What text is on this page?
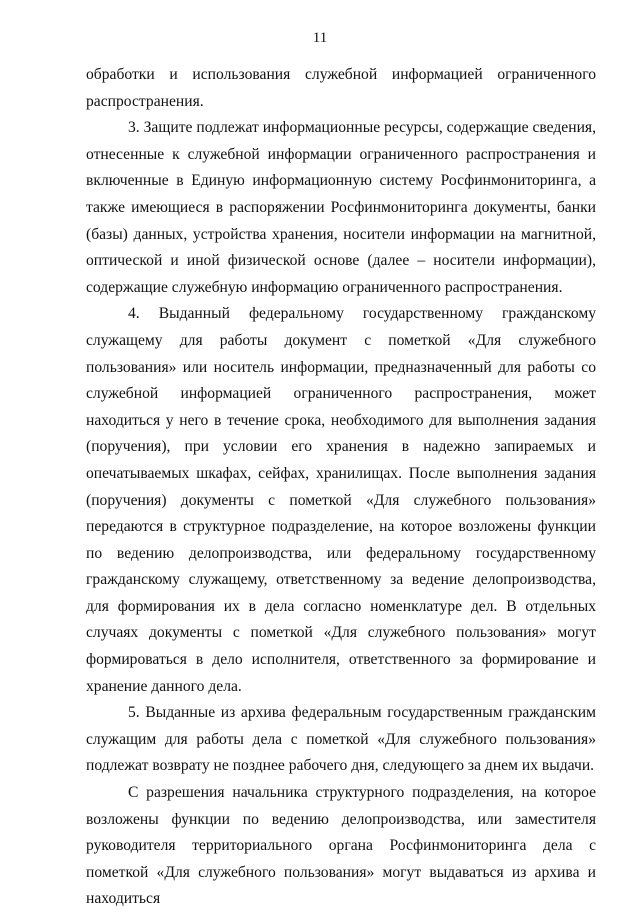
11

обработки и использования служебной информацией ограниченного распространения.

3. Защите подлежат информационные ресурсы, содержащие сведения, отнесенные к служебной информации ограниченного распространения и включенные в Единую информационную систему Росфинмониторинга, а также имеющиеся в распоряжении Росфинмониторинга документы, банки (базы) данных, устройства хранения, носители информации на магнитной, оптической и иной физической основе (далее – носители информации), содержащие служебную информацию ограниченного распространения.

4. Выданный федеральному государственному гражданскому служащему для работы документ с пометкой «Для служебного пользования» или носитель информации, предназначенный для работы со служебной информацией ограниченного распространения, может находиться у него в течение срока, необходимого для выполнения задания (поручения), при условии его хранения в надежно запираемых и опечатываемых шкафах, сейфах, хранилищах. После выполнения задания (поручения) документы с пометкой «Для служебного пользования» передаются в структурное подразделение, на которое возложены функции по ведению делопроизводства, или федеральному государственному гражданскому служащему, ответственному за ведение делопроизводства, для формирования их в дела согласно номенклатуре дел. В отдельных случаях документы с пометкой «Для служебного пользования» могут формироваться в дело исполнителя, ответственного за формирование и хранение данного дела.

5. Выданные из архива федеральным государственным гражданским служащим для работы дела с пометкой «Для служебного пользования» подлежат возврату не позднее рабочего дня, следующего за днем их выдачи.

С разрешения начальника структурного подразделения, на которое возложены функции по ведению делопроизводства, или заместителя руководителя территориального органа Росфинмониторинга дела с пометкой «Для служебного пользования» могут выдаваться из архива и находиться
